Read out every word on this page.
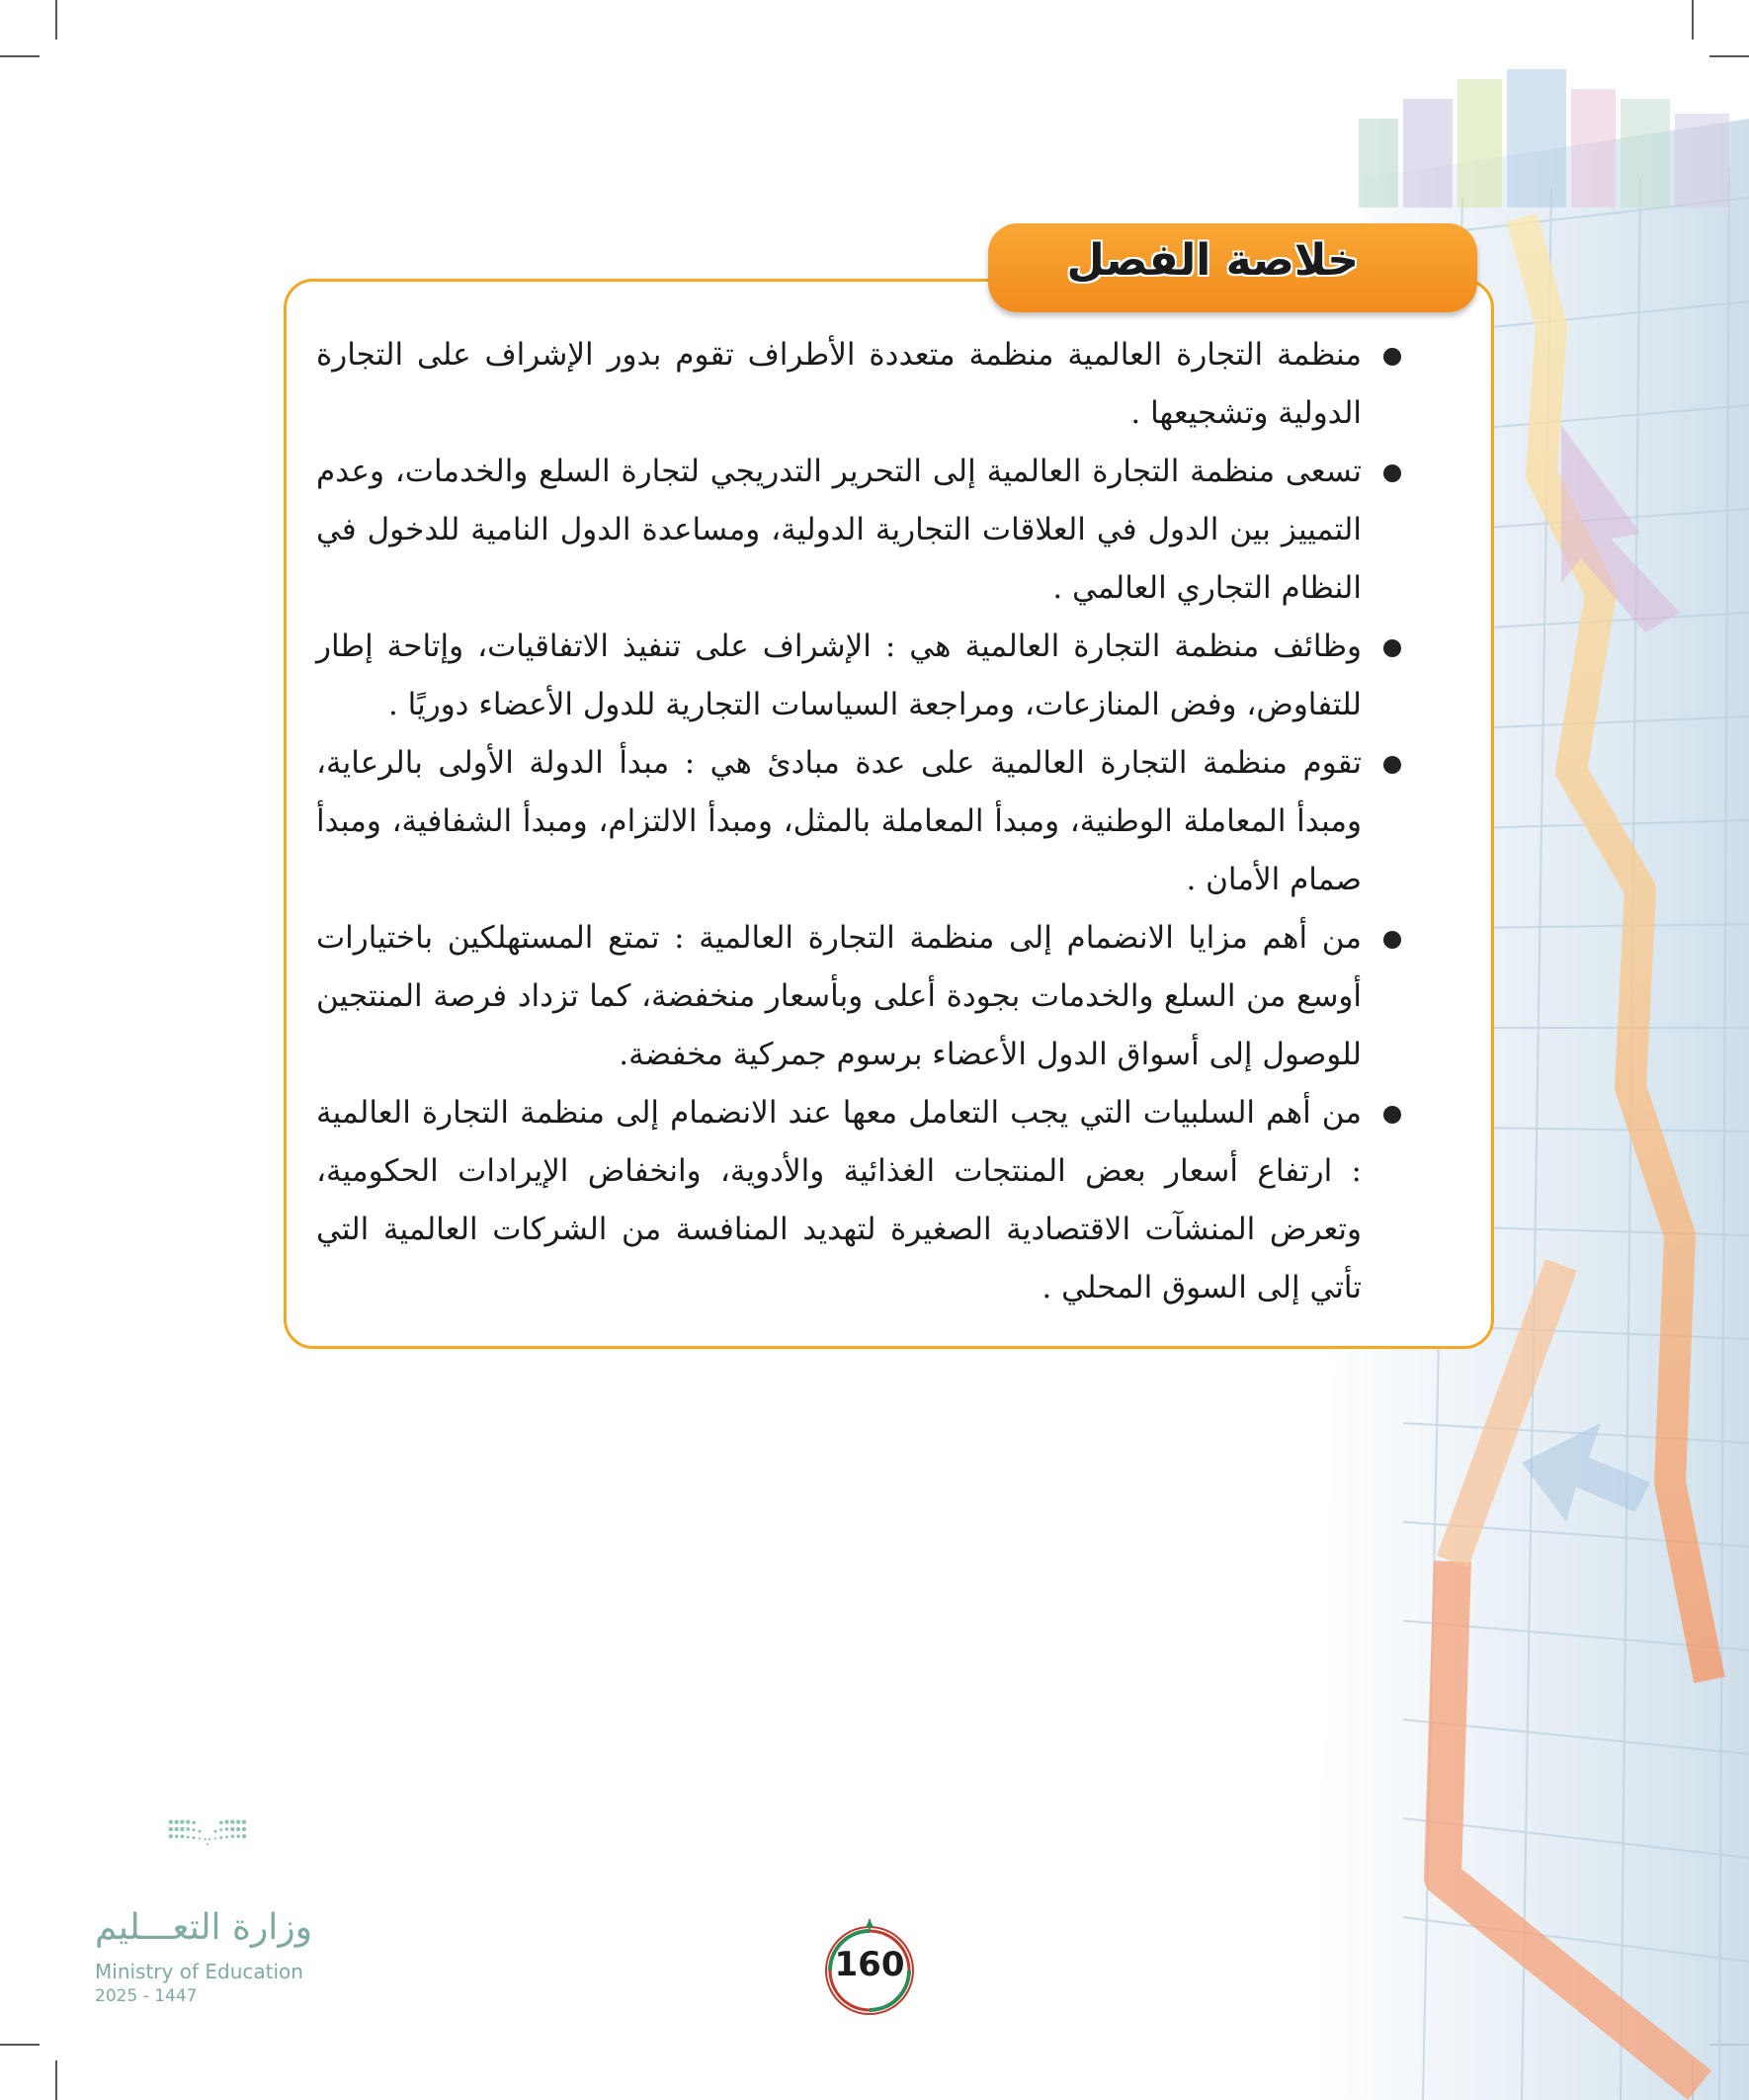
خلاصة الفصل
منظمة التجارة العالمية منظمة متعددة الأطراف تقوم بدور الإشراف على التجارة الدولية وتشجيعها .
تسعى منظمة التجارة العالمية إلى التحرير التدريجي لتجارة السلع والخدمات، وعدم التمييز بين الدول في العلاقات التجارية الدولية، ومساعدة الدول النامية للدخول في النظام التجاري العالمي .
وظائف منظمة التجارة العالمية هي : الإشراف على تنفيذ الاتفاقيات، وإتاحة إطار للتفاوض، وفض المنازعات، ومراجعة السياسات التجارية للدول الأعضاء دوريًا .
تقوم منظمة التجارة العالمية على عدة مبادئ هي : مبدأ الدولة الأولى بالرعاية، ومبدأ المعاملة الوطنية، ومبدأ المعاملة بالمثل، ومبدأ الالتزام، ومبدأ الشفافية، ومبدأ صمام الأمان .
من أهم مزايا الانضمام إلى منظمة التجارة العالمية : تمتع المستهلكين باختيارات أوسع من السلع والخدمات بجودة أعلى وبأسعار منخفضة، كما تزداد فرصة المنتجين للوصول إلى أسواق الدول الأعضاء برسوم جمركية مخفضة.
من أهم السلبيات التي يجب التعامل معها عند الانضمام إلى منظمة التجارة العالمية : ارتفاع أسعار بعض المنتجات الغذائية والأدوية، وانخفاض الإيرادات الحكومية، وتعرض المنشآت الاقتصادية الصغيرة لتهديد المنافسة من الشركات العالمية التي تأتي إلى السوق المحلي .
وزارة التعـــليم
Ministry of Education
2025 - 1447
160
